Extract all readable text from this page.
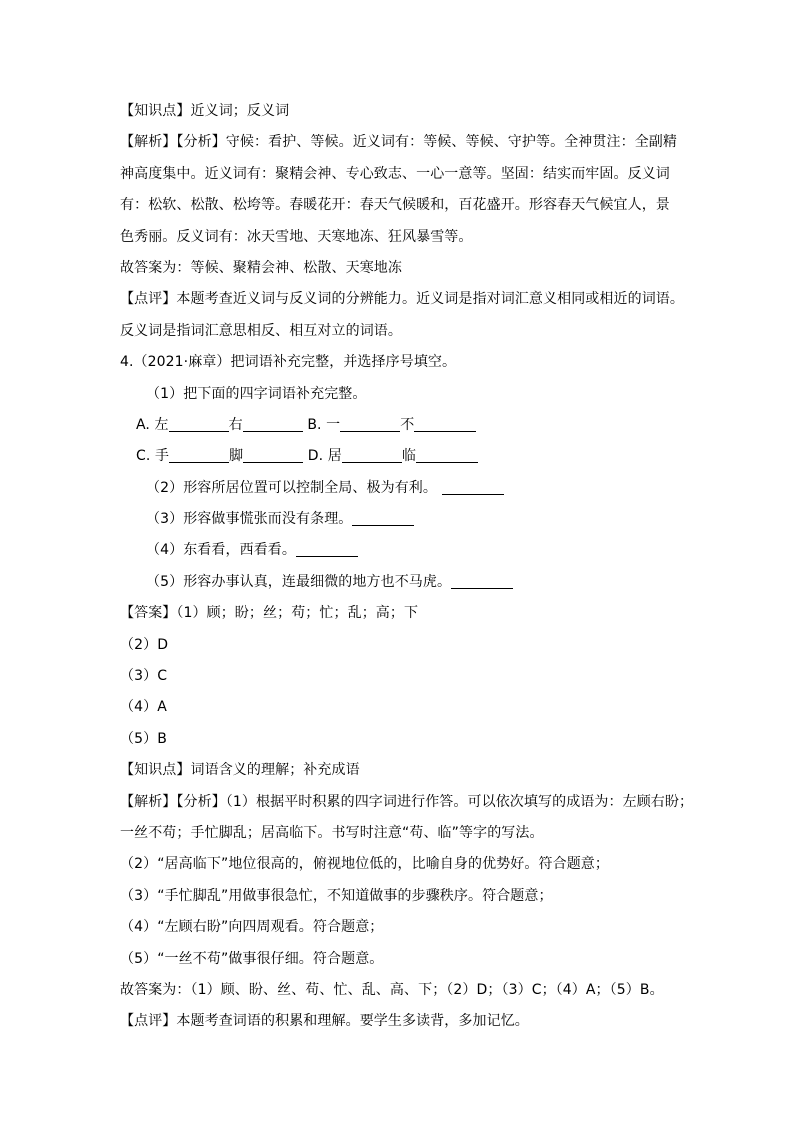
【知识点】近义词；反义词
【解析】【分析】守候：看护、等候。近义词有：等候、等候、守护等。全神贯注：全副精
神高度集中。近义词有：聚精会神、专心致志、一心一意等。坚固：结实而牢固。反义词
有：松软、松散、松垮等。春暖花开：春天气候暖和，百花盛开。形容春天气候宜人，景
色秀丽。反义词有：冰天雪地、天寒地冻、狂风暴雪等。
故答案为：等候、聚精会神、松散、天寒地冻
【点评】本题考查近义词与反义词的分辨能力。近义词是指对词汇意义相同或相近的词语。
反义词是指词汇意思相反、相互对立的词语。
4.（2021·麻章）把词语补充完整，并选择序号填空。
（1）把下面的四字词语补充完整。
A. 左	右	B. 一	不
C. 手	脚	D. 居	临
（2）形容所居位置可以控制全局、极为有利。
（3）形容做事慌张而没有条理。
（4）东看看，西看看。
（5）形容办事认真，连最细微的地方也不马虎。
【答案】（1）顾；盼；丝；苟；忙；乱；高；下
（2）D
（3）C
（4）A
（5）B
【知识点】词语含义的理解；补充成语
【解析】【分析】（1）根据平时积累的四字词进行作答。可以依次填写的成语为：左顾右盼；
一丝不苟；手忙脚乱；居高临下。书写时注意“苟、临”等字的写法。
（2）“居高临下”地位很高的，俯视地位低的，比喻自身的优势好。符合题意；
（3）“手忙脚乱”用做事很急忙，不知道做事的步骤秩序。符合题意；
（4）“左顾右盼”向四周观看。符合题意；
（5）“一丝不苟”做事很仔细。符合题意。
故答案为：（1）顾、盼、丝、苟、忙、乱、高、下；（2）D；（3）C；（4）A；（5）B。
【点评】本题考查词语的积累和理解。要学生多读背，多加记忆。
